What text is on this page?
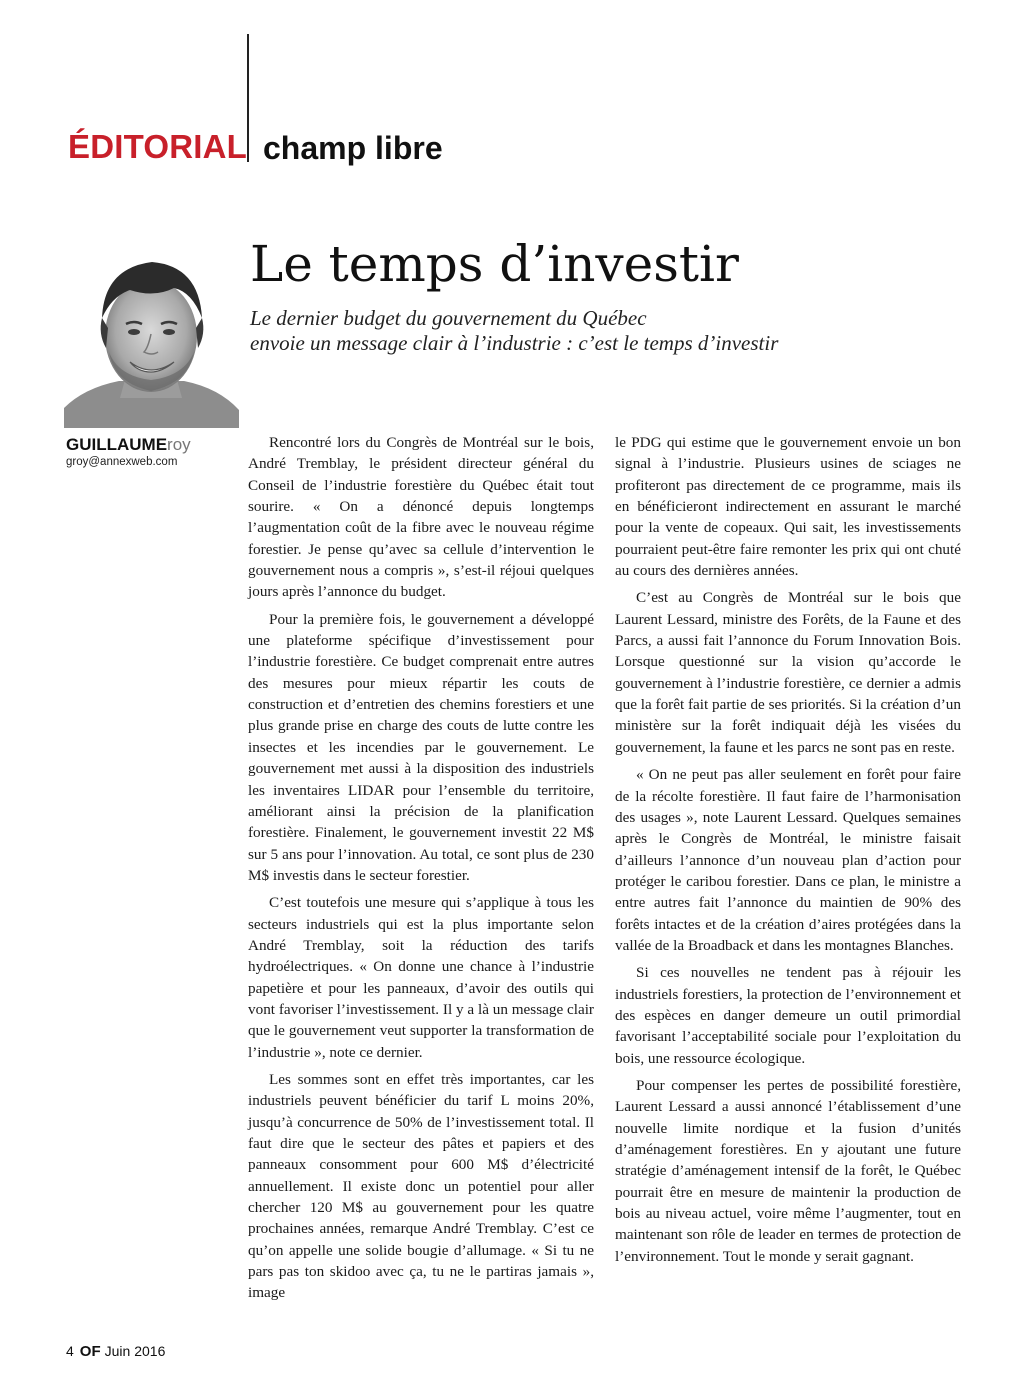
ÉDITORIAL champ libre
Le temps d’investir
Le dernier budget du gouvernement du Québec
envoie un message clair à l’industrie : c’est le temps d’investir
GUILLAUMEroy
groy@annexweb.com

Rencontré lors du Congrès de Montréal sur le bois, André Tremblay, le président directeur général du Conseil de l’industrie forestière du Québec était tout sourire. « On a dénoncé depuis longtemps l’augmentation coût de la fibre avec le nouveau régime forestier. Je pense qu’avec sa cellule d’intervention le gouvernement nous a compris », s’est-il réjoui quelques jours après l’annonce du budget.

Pour la première fois, le gouvernement a développé une plateforme spécifique d’investissement pour l’industrie forestière. Ce budget comprenait entre autres des mesures pour mieux répartir les couts de construction et d’entretien des chemins forestiers et une plus grande prise en charge des couts de lutte contre les insectes et les incendies par le gouvernement. Le gouvernement met aussi à la disposition des industriels les inventaires LIDAR pour l’ensemble du territoire, améliorant ainsi la précision de la planification forestière. Finalement, le gouvernement investit 22 M$ sur 5 ans pour l’innovation. Au total, ce sont plus de 230 M$ investis dans le secteur forestier.

C’est toutefois une mesure qui s’applique à tous les secteurs industriels qui est la plus importante selon André Tremblay, soit la réduction des tarifs hydroélectriques. « On donne une chance à l’industrie papetière et pour les panneaux, d’avoir des outils qui vont favoriser l’investissement. Il y a là un message clair que le gouvernement veut supporter la transformation de l’industrie », note ce dernier.

Les sommes sont en effet très importantes, car les industriels peuvent bénéficier du tarif L moins 20%, jusqu’à concurrence de 50% de l’investissement total. Il faut dire que le secteur des pâtes et papiers et des panneaux consomment pour 600 M$ d’électricité annuellement. Il existe donc un potentiel pour aller chercher 120 M$ au gouvernement pour les quatre prochaines années, remarque André Tremblay. C’est ce qu’on appelle une solide bougie d’allumage. « Si tu ne pars pas ton skidoo avec ça, tu ne le partiras jamais », image

le PDG qui estime que le gouvernement envoie un bon signal à l’industrie. Plusieurs usines de sciages ne profiteront pas directement de ce programme, mais ils en bénéficieront indirectement en assurant le marché pour la vente de copeaux. Qui sait, les investissements pourraient peut-être faire remonter les prix qui ont chuté au cours des dernières années.

C’est au Congrès de Montréal sur le bois que Laurent Lessard, ministre des Forêts, de la Faune et des Parcs, a aussi fait l’annonce du Forum Innovation Bois. Lorsque questionné sur la vision qu’accorde le gouvernement à l’industrie forestière, ce dernier a admis que la forêt fait partie de ses priorités. Si la création d’un ministère sur la forêt indiquait déjà les visées du gouvernement, la faune et les parcs ne sont pas en reste.

« On ne peut pas aller seulement en forêt pour faire de la récolte forestière. Il faut faire de l’harmonisation des usages », note Laurent Lessard. Quelques semaines après le Congrès de Montréal, le ministre faisait d’ailleurs l’annonce d’un nouveau plan d’action pour protéger le caribou forestier. Dans ce plan, le ministre a entre autres fait l’annonce du maintien de 90% des forêts intactes et de la création d’aires protégées dans la vallée de la Broadback et dans les montagnes Blanches.

Si ces nouvelles ne tendent pas à réjouir les industriels forestiers, la protection de l’environnement et des espèces en danger demeure un outil primordial favorisant l’acceptabilité sociale pour l’exploitation du bois, une ressource écologique.

Pour compenser les pertes de possibilité forestière, Laurent Lessard a aussi annoncé l’établissement d’une nouvelle limite nordique et la fusion d’unités d’aménagement forestières. En y ajoutant une future stratégie d’aménagement intensif de la forêt, le Québec pourrait être en mesure de maintenir la production de bois au niveau actuel, voire même l’augmenter, tout en maintenant son rôle de leader en termes de protection de l’environnement. Tout le monde y serait gagnant.

4 OF Juin 2016
